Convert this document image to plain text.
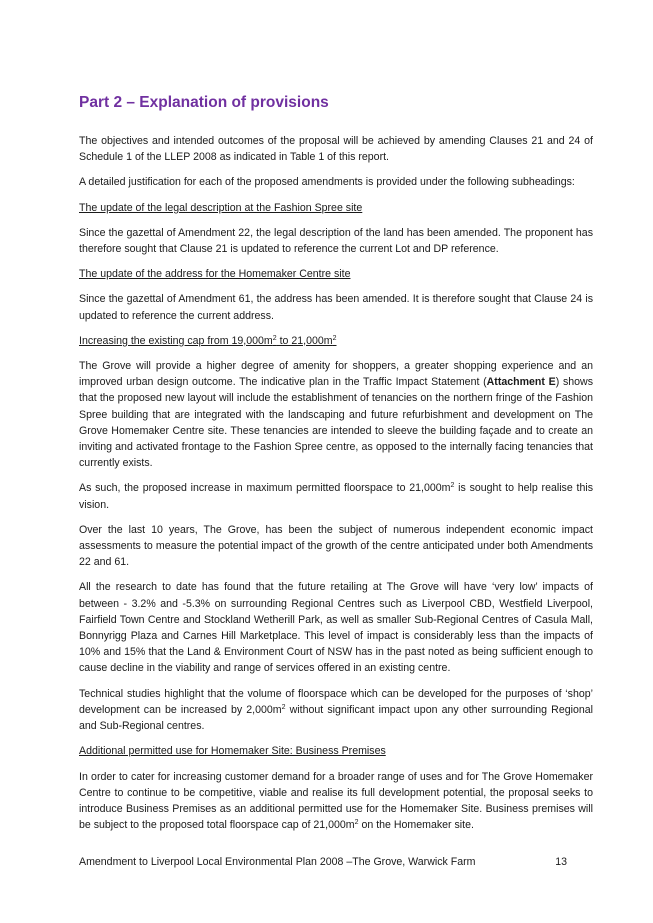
Part 2 – Explanation of provisions

The objectives and intended outcomes of the proposal will be achieved by amending Clauses 21 and 24 of Schedule 1 of the LLEP 2008 as indicated in Table 1 of this report.

A detailed justification for each of the proposed amendments is provided under the following subheadings:

The update of the legal description at the Fashion Spree site

Since the gazettal of Amendment 22, the legal description of the land has been amended. The proponent has therefore sought that Clause 21 is updated to reference the current Lot and DP reference.

The update of the address for the Homemaker Centre site

Since the gazettal of Amendment 61, the address has been amended. It is therefore sought that Clause 24 is updated to reference the current address.

Increasing the existing cap from $19,000m^2$ to $21,000m^2$

The Grove will provide a higher degree of amenity for shoppers, a greater shopping experience and an improved urban design outcome. The indicative plan in the Traffic Impact Statement (Attachment E) shows that the proposed new layout will include the establishment of tenancies on the northern fringe of the Fashion Spree building that are integrated with the landscaping and future refurbishment and development on The Grove Homemaker Centre site. These tenancies are intended to sleeve the building façade and to create an inviting and activated frontage to the Fashion Spree centre, as opposed to the internally facing tenancies that currently exists.

As such, the proposed increase in maximum permitted floorspace to $21,000m^2$ is sought to help realise this vision.

Over the last 10 years, The Grove, has been the subject of numerous independent economic impact assessments to measure the potential impact of the growth of the centre anticipated under both Amendments 22 and 61.

All the research to date has found that the future retailing at The Grove will have ‘very low’ impacts of between - 3.2% and -5.3% on surrounding Regional Centres such as Liverpool CBD, Westfield Liverpool, Fairfield Town Centre and Stockland Wetherill Park, as well as smaller Sub-Regional Centres of Casula Mall, Bonnyrigg Plaza and Carnes Hill Marketplace. This level of impact is considerably less than the impacts of 10% and 15% that the Land & Environment Court of NSW has in the past noted as being sufficient enough to cause decline in the viability and range of services offered in an existing centre.

Technical studies highlight that the volume of floorspace which can be developed for the purposes of ‘shop’ development can be increased by $2,000m^2$ without significant impact upon any other surrounding Regional and Sub-Regional centres.

Additional permitted use for Homemaker Site: Business Premises

In order to cater for increasing customer demand for a broader range of uses and for The Grove Homemaker Centre to continue to be competitive, viable and realise its full development potential, the proposal seeks to introduce Business Premises as an additional permitted use for the Homemaker Site. Business premises will be subject to the proposed total floorspace cap of $21,000m^2$ on the Homemaker site.

Amendment to Liverpool Local Environmental Plan 2008 –The Grove, Warwick Farm	13
